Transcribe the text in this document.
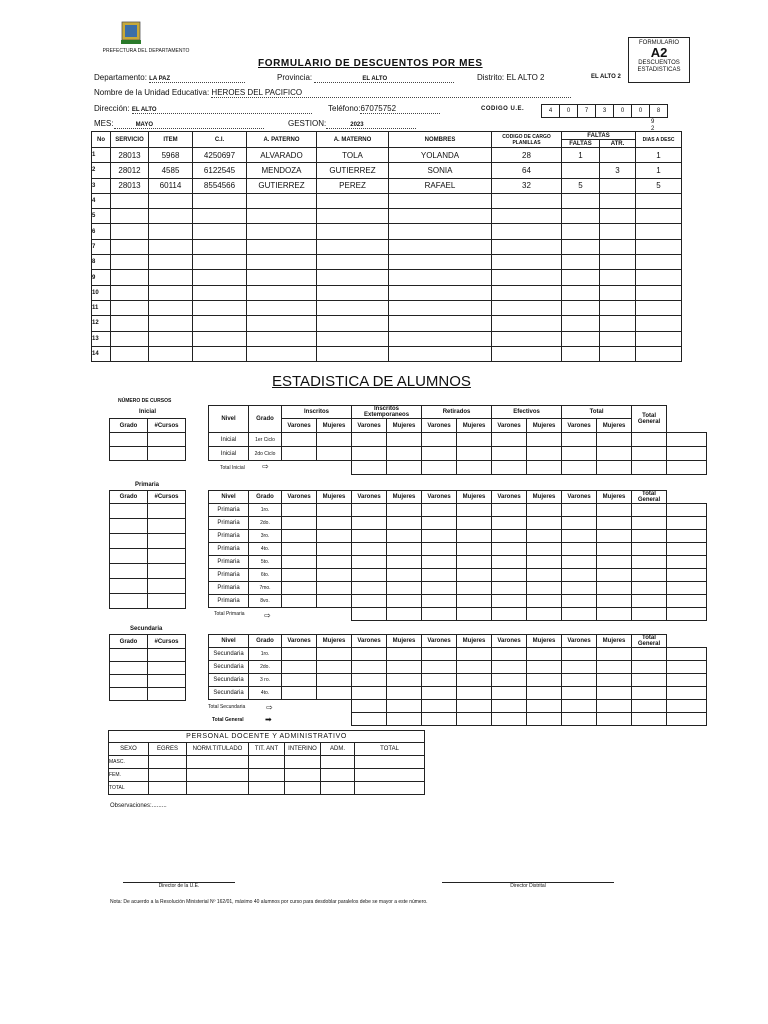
PREFECTURA DEL DEPARTAMENTO
FORMULARIO
A2
DESCUENTOS ESTADISTICAS
FORMULARIO DE DESCUENTOS POR MES
Departamento: LA PAZ	Provincia:	EL ALTO	Distrito: EL ALTO 2	EL ALTO 2
Nombre de la Unidad Educativa: HEROES DEL PACIFICO
Dirección: EL ALTO	Teléfono:67075752	CODIGO U.E.	4	0	7	3	0	0	8
MES:	MAYO	GESTION:	2023	9
2
No	SERVICIO	ITEM	C.I.	A. PATERNO	A. MATERNO	NOMBRES	CODIGO DE CARGO PLANILLAS	FALTAS		DIAS A DESC
								FALTAS	ATR.	
1	28013	5968	4250697	ALVARADO	TOLA	YOLANDA	28	1		1
2	28012	4585	6122545	MENDOZA	GUTIERREZ	SONIA	64		3	1
3	28013	60114	8554566	GUTIERREZ	PEREZ	RAFAEL	32	5		5
4										
5										
6										
7										
8										
9										
10										
11										
12										
13										
14										
ESTADISTICA DE ALUMNOS
NÚMERO DE CURSOS
Inicial
Grado	#Cursos

Nivel	Grado	Inscritos		Inscritos Extemporaneos		Retirados		Efectivos		Total		Total General	
		Varones	Mujeres	Varones	Mujeres	Varones	Mujeres	Varones	Mujeres	Varones	Mujeres		
Inicial	1er Ciclo												
Inicial	2do Ciclo												

Total Inicial ⇨
Primaria
Grado	#Cursos

		Nivel	Grado	Varones	Mujeres	Varones	Mujeres	Varones	Mujeres	Varones	Mujeres	Varones	Mujeres	Total General	
Primaria	1ro.												
Primaria	2do.												
Primaria	3ro.												
Primaria	4to.												
Primaria	5to.												
Primaria	6to.												
Primaria	7mo.												
Primaria	8vo.												

Total Primaria ⇨
Secundaria
Grado	#Cursos

		Nivel	Grado	Varones	Mujeres	Varones	Mujeres	Varones	Mujeres	Varones	Mujeres	Varones	Mujeres	Total General	
Secundaria	1ro.												
Secundaria	2do.												
Secundaria	3 ro.												
Secundaria	4to.												

Total Secundaria	⇨
Total General	➡
PERSONAL DOCENTE Y ADMINISTRATIVO						
SEXO	EGRES	NORM.TITULADO	TIT. ANT	INTERINO	ADM.	TOTAL
MASC.						
FEM.						
TOTAL						
Observaciones:.........
Director de la U.E.	Director Distrital
Nota: De acuerdo a la Resolución Ministerial Nº 162/01, máximo 40 alumnos por curso para desdoblar paralelos debe se mayor a este número.
